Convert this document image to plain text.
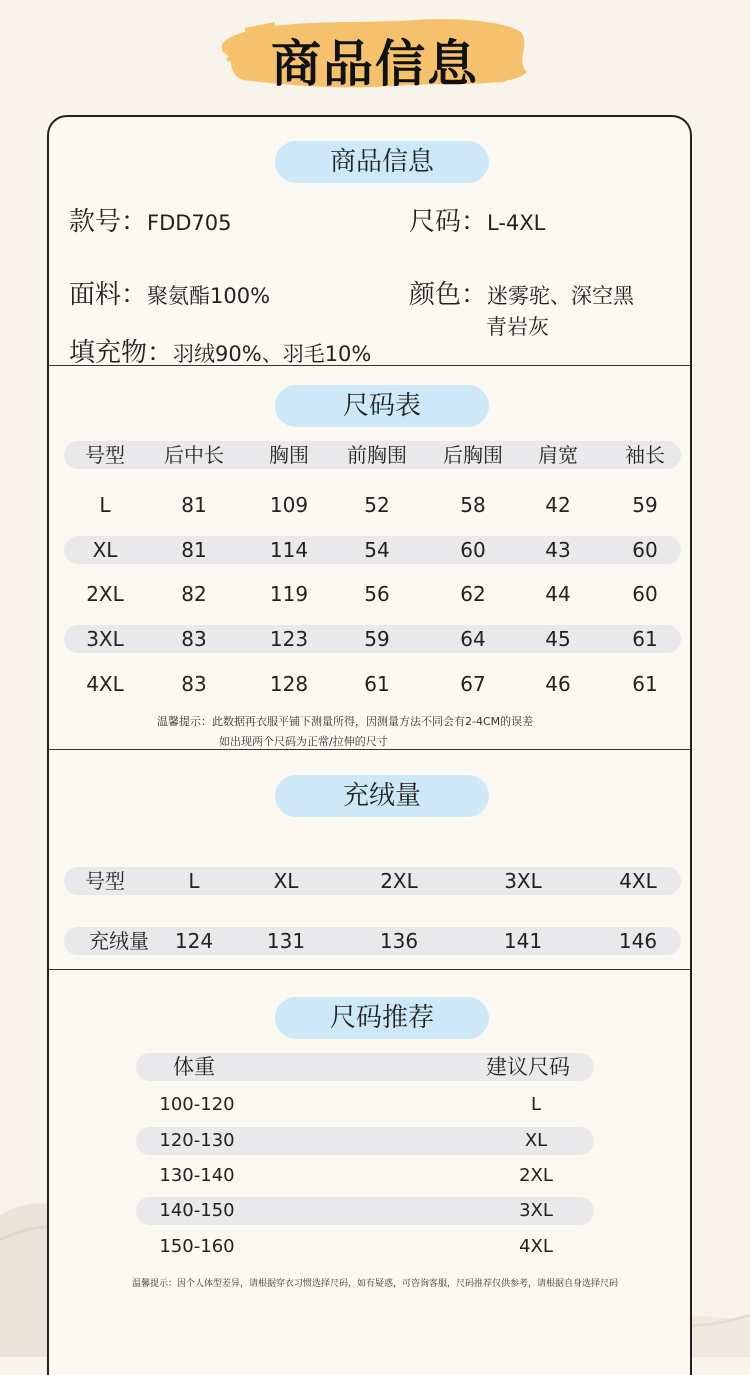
商品信息
商品信息
款号：FDD705	尺码：L-4XL
面料：聚氨酯100%	颜色：迷雾驼、深空黑
青岩灰
填充物：羽绒90%、羽毛10%
尺码表
号型	后中长	胸围	前胸围	后胸围	肩宽	袖长
L	81	109	52	58	42	59
XL	81	114	54	60	43	60
2XL	82	119	56	62	44	60
3XL	83	123	59	64	45	61
4XL	83	128	61	67	46	61
温馨提示：此数据再衣服平铺下测量所得，因测量方法不同会有2-4CM的误差
如出现两个尺码为正常/拉伸的尺寸
充绒量
号型	L	XL	2XL	3XL	4XL
充绒量	124	131	136	141	146
尺码推荐
体重	建议尺码
100-120	L
120-130	XL
130-140	2XL
140-150	3XL
150-160	4XL
温馨提示：因个人体型差异，请根据穿衣习惯选择尺码，如有疑惑，可咨询客服，尺码推荐仅供参考，请根据自身选择尺码
